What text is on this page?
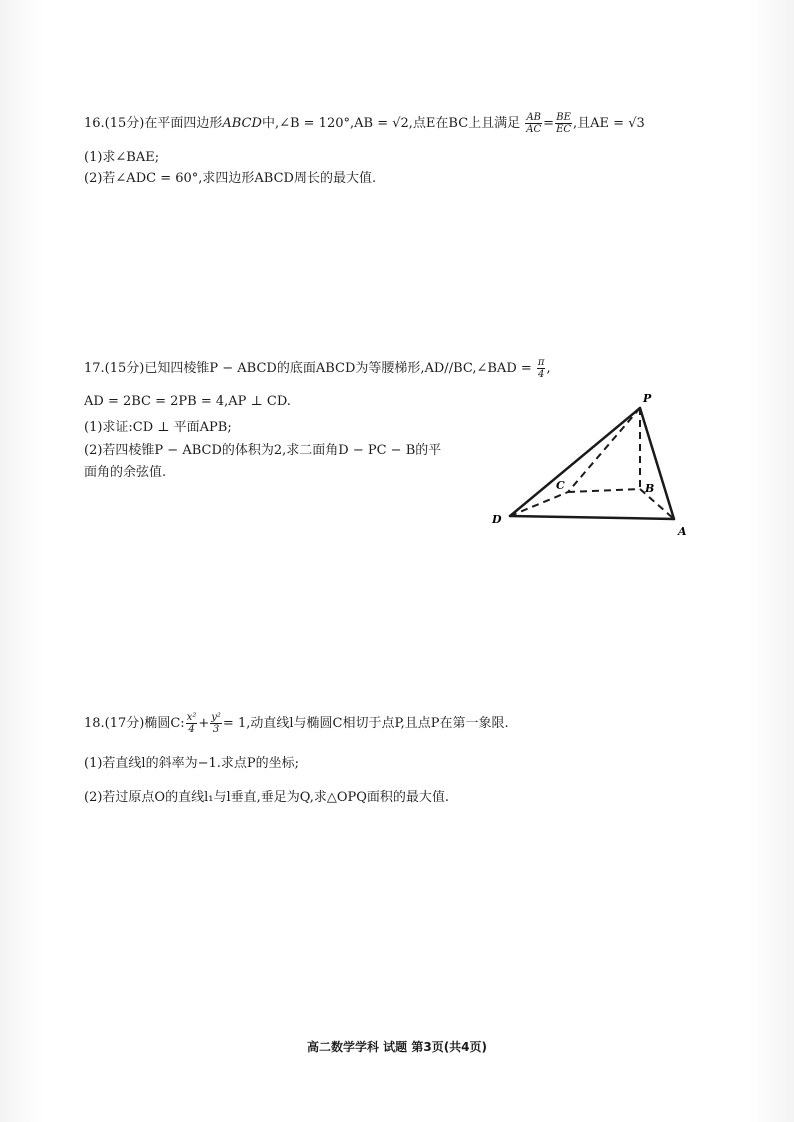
16.(15分)在平面四边形ABCD中,∠B = 120°,AB = √2,点E在BC上且满足 $\frac{AB}{AC} = \frac{BE}{EC}$ ,且AE = √3
(1)求∠BAE;
(2)若∠ADC = 60°,求四边形ABCD周长的最大值.
17.(15分)已知四棱锥P − ABCD的底面ABCD为等腰梯形,AD//BC,∠BAD = $\frac{\pi}{4}$ ,
AD = 2BC = 2PB = 4,AP ⊥ CD.
(1)求证:CD ⊥ 平面APB;
(2)若四棱锥P − ABCD的体积为2,求二面角D − PC − B的平
面角的余弦值.
P
C	B
D
A
18.(17分)椭圆C: $\frac{\text{x²}}{4} + \frac{\text{y²}}{3} = 1$,动直线l与椭圆C相切于点P,且点P在第一象限.
(1)若直线l的斜率为−1.求点P的坐标;
(2)若过原点O的直线l₁与l垂直,垂足为Q,求△OPQ面积的最大值.
高二数学学科 试题 第3页(共4页)
